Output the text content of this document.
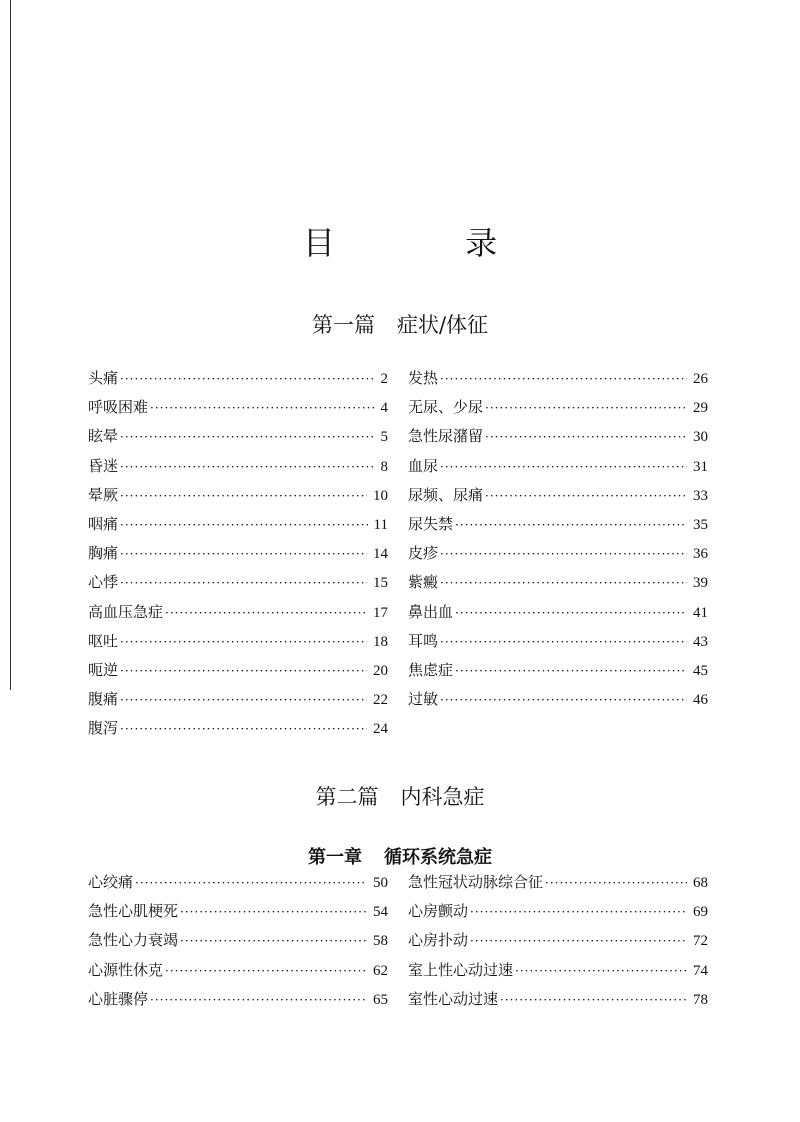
目 录
第一篇 症状/体征
头痛 ·····	2
呼吸困难 ·····	4
眩晕 ·····	5
昏迷 ·····	8
晕厥 ·····	10
咽痛 ·····	11
胸痛 ·····	14
心悸 ·····	15
高血压急症 ·····	17
呕吐 ·····	18
呃逆 ·····	20
腹痛 ·····	22
腹泻 ·····	24
发热 ·····	26
无尿、少尿 ·····	29
急性尿潴留 ·····	30
血尿 ·····	31
尿频、尿痛 ·····	33
尿失禁 ·····	35
皮疹 ·····	36
紫癜 ·····	39
鼻出血 ·····	41
耳鸣 ·····	43
焦虑症 ·····	45
过敏 ·····	46
第二篇 内科急症
第一章 循环系统急症
心绞痛 ·····	50
急性心肌梗死 ·····	54
急性心力衰竭 ·····	58
心源性休克 ·····	62
心脏骤停 ·····	65
急性冠状动脉综合征 ·····	68
心房颤动 ·····	69
心房扑动 ·····	72
室上性心动过速 ·····	74
室性心动过速 ·····	78
